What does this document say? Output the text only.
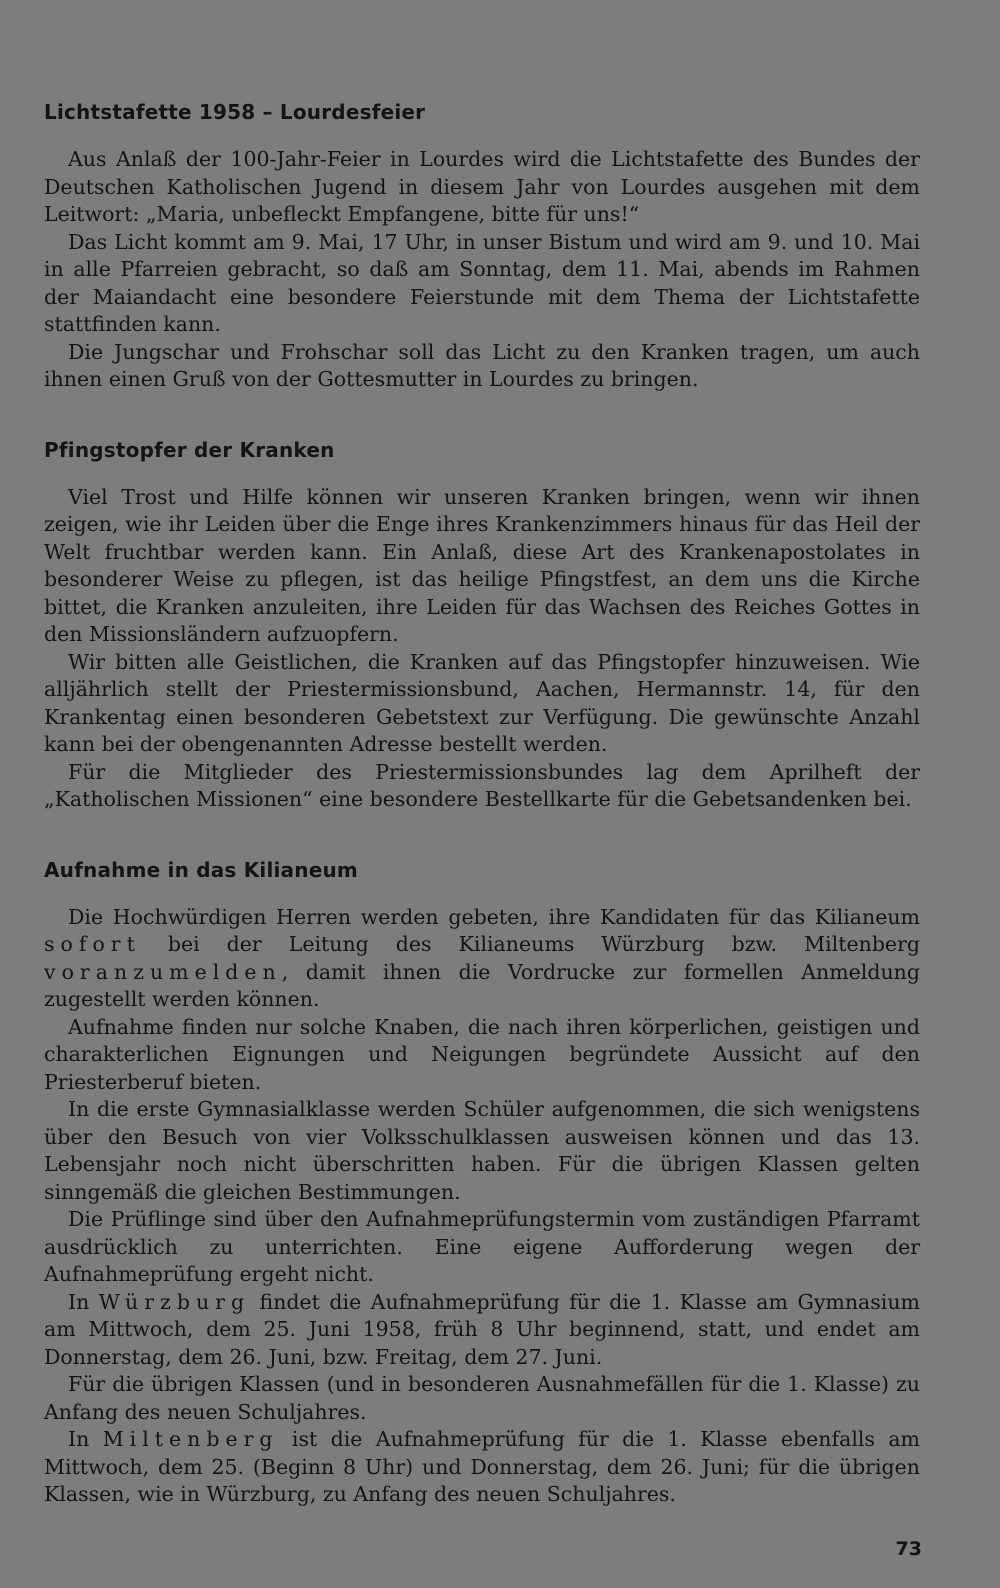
Lichtstafette 1958 – Lourdesfeier

Aus Anlaß der 100-Jahr-Feier in Lourdes wird die Lichtstafette des Bundes der Deutschen Katholischen Jugend in diesem Jahr von Lourdes ausgehen mit dem Leitwort: „Maria, unbefleckt Empfangene, bitte für uns!“

Das Licht kommt am 9. Mai, 17 Uhr, in unser Bistum und wird am 9. und 10. Mai in alle Pfarreien gebracht, so daß am Sonntag, dem 11. Mai, abends im Rahmen der Maiandacht eine besondere Feierstunde mit dem Thema der Lichtstafette stattfinden kann.

Die Jungschar und Frohschar soll das Licht zu den Kranken tragen, um auch ihnen einen Gruß von der Gottesmutter in Lourdes zu bringen.

Pfingstopfer der Kranken

Viel Trost und Hilfe können wir unseren Kranken bringen, wenn wir ihnen zeigen, wie ihr Leiden über die Enge ihres Krankenzimmers hinaus für das Heil der Welt fruchtbar werden kann. Ein Anlaß, diese Art des Krankenapostolates in besonderer Weise zu pflegen, ist das heilige Pfingstfest, an dem uns die Kirche bittet, die Kranken anzuleiten, ihre Leiden für das Wachsen des Reiches Gottes in den Missionsländern aufzuopfern.

Wir bitten alle Geistlichen, die Kranken auf das Pfingstopfer hinzuweisen. Wie alljährlich stellt der Priestermissionsbund, Aachen, Hermannstr. 14, für den Krankentag einen besonderen Gebetstext zur Verfügung. Die gewünschte Anzahl kann bei der obengenannten Adresse bestellt werden.

Für die Mitglieder des Priestermissionsbundes lag dem Aprilheft der „Katholischen Missionen“ eine besondere Bestellkarte für die Gebetsandenken bei.

Aufnahme in das Kilianeum

Die Hochwürdigen Herren werden gebeten, ihre Kandidaten für das Kilianeum sofort bei der Leitung des Kilianeums Würzburg bzw. Miltenberg voranzumelden, damit ihnen die Vordrucke zur formellen Anmeldung zugestellt werden können.

Aufnahme finden nur solche Knaben, die nach ihren körperlichen, geistigen und charakterlichen Eignungen und Neigungen begründete Aussicht auf den Priesterberuf bieten.

In die erste Gymnasialklasse werden Schüler aufgenommen, die sich wenigstens über den Besuch von vier Volksschulklassen ausweisen können und das 13. Lebensjahr noch nicht überschritten haben. Für die übrigen Klassen gelten sinngemäß die gleichen Bestimmungen.

Die Prüflinge sind über den Aufnahmeprüfungstermin vom zuständigen Pfarramt ausdrücklich zu unterrichten. Eine eigene Aufforderung wegen der Aufnahmeprüfung ergeht nicht.

In Würzburg findet die Aufnahmeprüfung für die 1. Klasse am Gymnasium am Mittwoch, dem 25. Juni 1958, früh 8 Uhr beginnend, statt, und endet am Donnerstag, dem 26. Juni, bzw. Freitag, dem 27. Juni.

Für die übrigen Klassen (und in besonderen Ausnahmefällen für die 1. Klasse) zu Anfang des neuen Schuljahres.

In Miltenberg ist die Aufnahmeprüfung für die 1. Klasse ebenfalls am Mittwoch, dem 25. (Beginn 8 Uhr) und Donnerstag, dem 26. Juni; für die übrigen Klassen, wie in Würzburg, zu Anfang des neuen Schuljahres.

73
